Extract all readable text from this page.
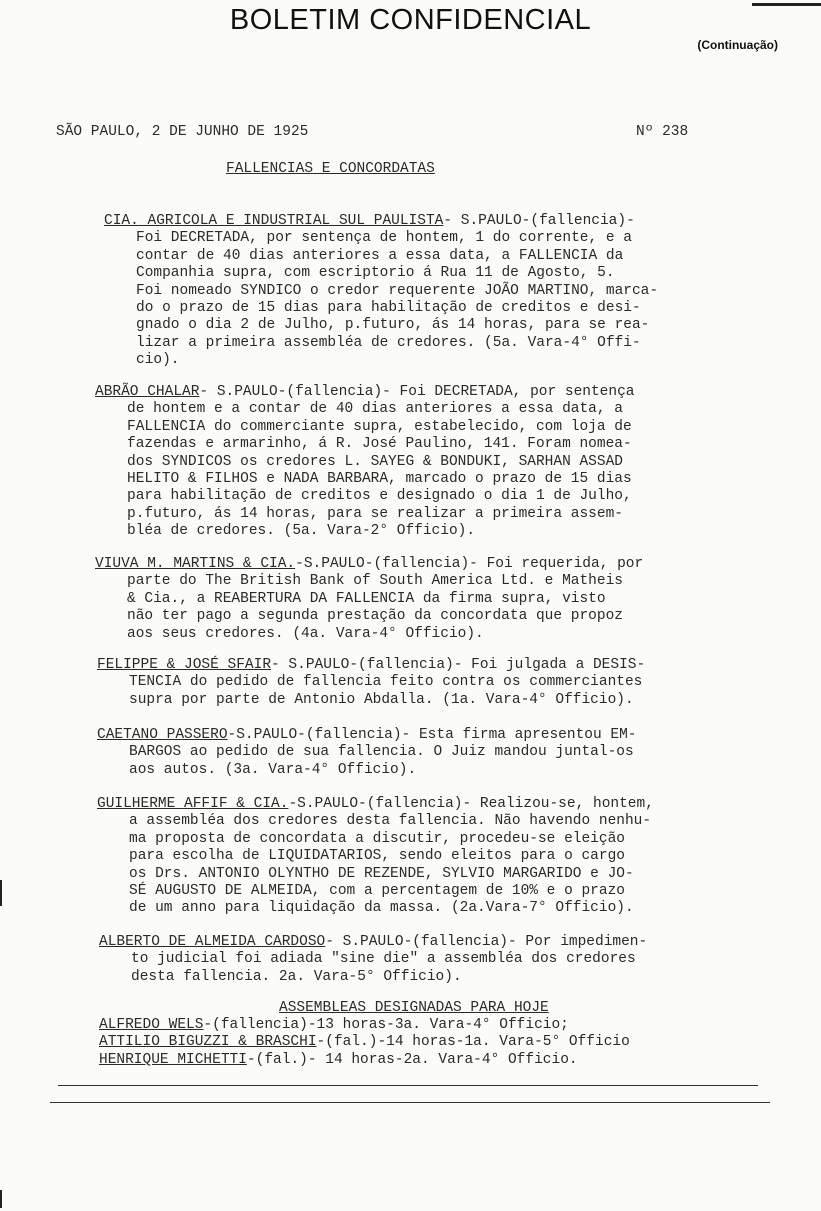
BOLETIM CONFIDENCIAL
(Continuação)
SÃO PAULO, 2 DE JUNHO DE 1925	Nº 238
FALLENCIAS E CONCORDATAS
CIA. AGRICOLA E INDUSTRIAL SUL PAULISTA- S.PAULO-(fallencia)-
Foi DECRETADA, por sentença de hontem, 1 do corrente, e a
contar de 40 dias anteriores a essa data, a FALLENCIA da
Companhia supra, com escriptorio á Rua 11 de Agosto, 5.
Foi nomeado SYNDICO o credor requerente JOÃO MARTINO, marca-
do o prazo de 15 dias para habilitação de creditos e desi-
gnado o dia 2 de Julho, p.futuro, ás 14 horas, para se rea-
lizar a primeira assembléa de credores. (5a. Vara-4° Offi-
cio).
ABRÃO CHALAR- S.PAULO-(fallencia)- Foi DECRETADA, por sentença
de hontem e a contar de 40 dias anteriores a essa data, a
FALLENCIA do commerciante supra, estabelecido, com loja de
fazendas e armarinho, á R. José Paulino, 141. Foram nomea-
dos SYNDICOS os credores L. SAYEG & BONDUKI, SARHAN ASSAD
HELITO & FILHOS e NADA BARBARA, marcado o prazo de 15 dias
para habilitação de creditos e designado o dia 1 de Julho,
p.futuro, ás 14 horas, para se realizar a primeira assem-
bléa de credores. (5a. Vara-2° Officio).
VIUVA M. MARTINS & CIA.-S.PAULO-(fallencia)- Foi requerida, por
parte do The British Bank of South America Ltd. e Matheis
& Cia., a REABERTURA DA FALLENCIA da firma supra, visto
não ter pago a segunda prestação da concordata que propoz
aos seus credores. (4a. Vara-4° Officio).
FELIPPE & JOSÉ SFAIR- S.PAULO-(fallencia)- Foi julgada a DESIS-
TENCIA do pedido de fallencia feito contra os commerciantes
supra por parte de Antonio Abdalla. (1a. Vara-4° Officio).
CAETANO PASSERO-S.PAULO-(fallencia)- Esta firma apresentou EM-
BARGOS ao pedido de sua fallencia. O Juiz mandou juntal-os
aos autos. (3a. Vara-4° Officio).
GUILHERME AFFIF & CIA.-S.PAULO-(fallencia)- Realizou-se, hontem,
a assembléa dos credores desta fallencia. Não havendo nenhu-
ma proposta de concordata a discutir, procedeu-se eleição
para escolha de LIQUIDATARIOS, sendo eleitos para o cargo
os Drs. ANTONIO OLYNTHO DE REZENDE, SYLVIO MARGARIDO e JO-
SÉ AUGUSTO DE ALMEIDA, com a percentagem de 10% e o prazo
de um anno para liquidação da massa. (2a.Vara-7° Officio).
ALBERTO DE ALMEIDA CARDOSO- S.PAULO-(fallencia)- Por impedimen-
to judicial foi adiada "sine die" a assembléa dos credores
desta fallencia. 2a. Vara-5° Officio).
ASSEMBLEAS DESIGNADAS PARA HOJE
ALFREDO WELS-(fallencia)-13 horas-3a. Vara-4° Officio;
ATTILIO BIGUZZI & BRASCHI-(fal.)-14 horas-1a. Vara-5° Officio
HENRIQUE MICHETTI-(fal.)- 14 horas-2a. Vara-4° Officio.
